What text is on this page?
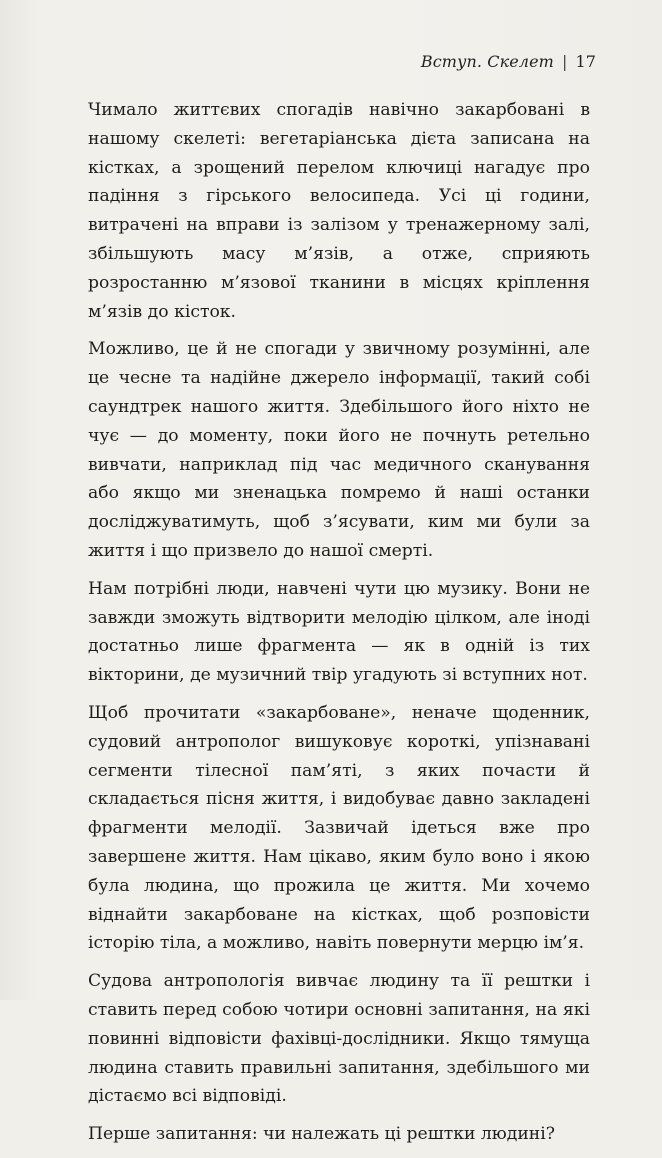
Вступ. Скелет | 17

Чимало життєвих спогадів навічно закарбовані в нашому скелеті: вегетаріанська дієта записана на кістках, а зрощений перелом ключиці нагадує про падіння з гірського велосипеда. Усі ці години, витрачені на вправи із залізом у тренажерному залі, збільшують масу м’язів, а отже, сприяють розростанню м’язової тканини в місцях кріплення м’язів до кісток.

Можливо, це й не спогади у звичному розумінні, але це чесне та надійне джерело інформації, такий собі саундтрек нашого життя. Здебільшого його ніхто не чує — до моменту, поки його не почнуть ретельно вивчати, наприклад під час медичного сканування або якщо ми зненацька помремо й наші останки досліджуватимуть, щоб з’ясувати, ким ми були за життя і що призвело до нашої смерті.

Нам потрібні люди, навчені чути цю музику. Вони не завжди зможуть відтворити мелодію цілком, але іноді достатньо лише фрагмента — як в одній із тих вікторини, де музичний твір угадують зі вступних нот.

Щоб прочитати «закарбоване», неначе щоденник, судовий антрополог вишуковує короткі, упізнавані сегменти тілесної пам’яті, з яких почасти й складається пісня життя, і видобуває давно закладені фрагменти мелодії. Зазвичай ідеться вже про завершене життя. Нам цікаво, яким було воно і якою була людина, що прожила це життя. Ми хочемо віднайти закарбоване на кістках, щоб розповісти історію тіла, а можливо, навіть повернути мерцю ім’я.

Судова антропологія вивчає людину та її рештки і ставить перед собою чотири основні запитання, на які повинні відповісти фахівці-дослідники. Якщо тямуща людина ставить правильні запитання, здебільшого ми дістаємо всі відповіді.

Перше запитання: чи належать ці рештки людині?
